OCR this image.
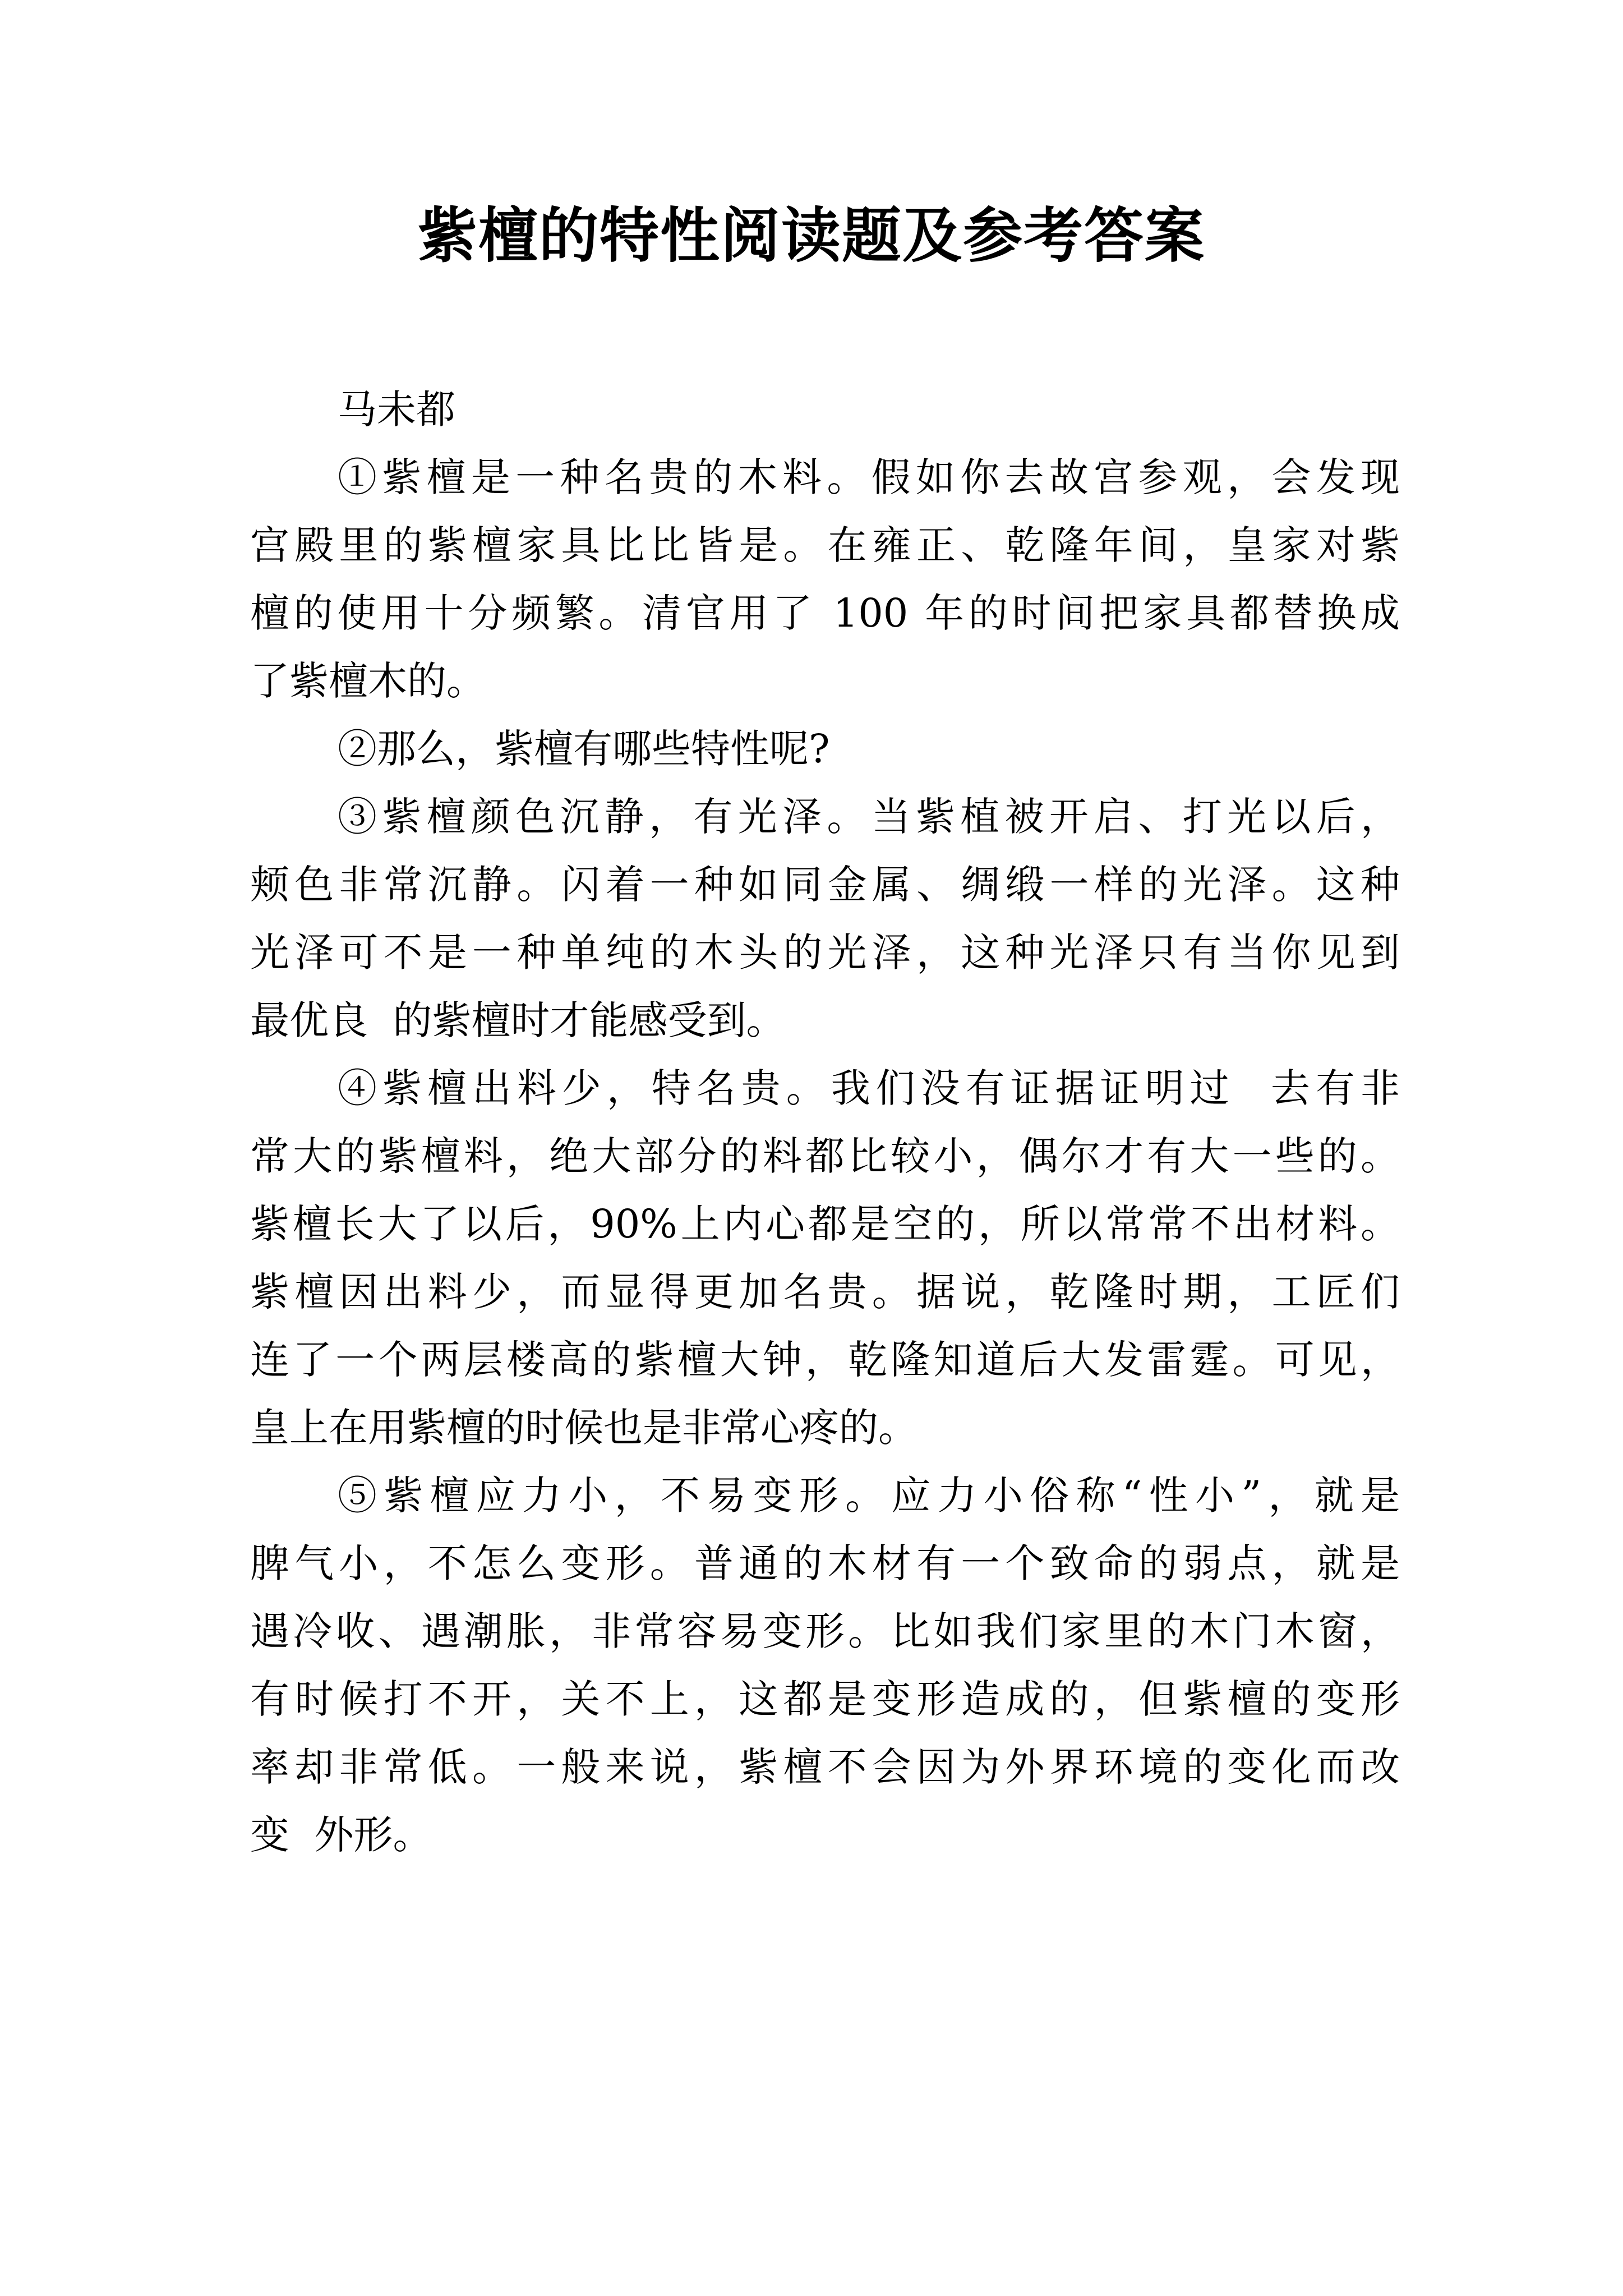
紫檀的特性阅读题及参考答案
马未都
①紫檀是一种名贵的木料。假如你去故宫参观，会发现
宫殿里的紫檀家具比比皆是。在雍正、乾隆年间，皇家对紫
檀的使用十分频繁。清官用了 100 年的时间把家具都替换成
了紫檀木的。
②那么，紫檀有哪些特性呢?
③紫檀颜色沉静，有光泽。当紫植被开启、打光以后，
颊色非常沉静。闪着一种如同金属、绸缎一样的光泽。这种
光泽可不是一种单纯的木头的光泽，这种光泽只有当你见到
最优良  的紫檀时才能感受到。
④紫檀出料少，特名贵。我们没有证据证明过  去有非
常大的紫檀料，绝大部分的料都比较小，偶尔才有大一些的。
紫檀长大了以后，90%上内心都是空的，所以常常不出材料。
紫檀因出料少，而显得更加名贵。据说，乾隆时期，工匠们
连了一个两层楼高的紫檀大钟，乾隆知道后大发雷霆。可见，
皇上在用紫檀的时候也是非常心疼的。
⑤紫檀应力小，不易变形。应力小俗称“性小”，就是
脾气小，不怎么变形。普通的木材有一个致命的弱点，就是
遇冷收、遇潮胀，非常容易变形。比如我们家里的木门木窗，
有时候打不开，关不上，这都是变形造成的，但紫檀的变形
率却非常低。一般来说，紫檀不会因为外界环境的变化而改
变  外形。
